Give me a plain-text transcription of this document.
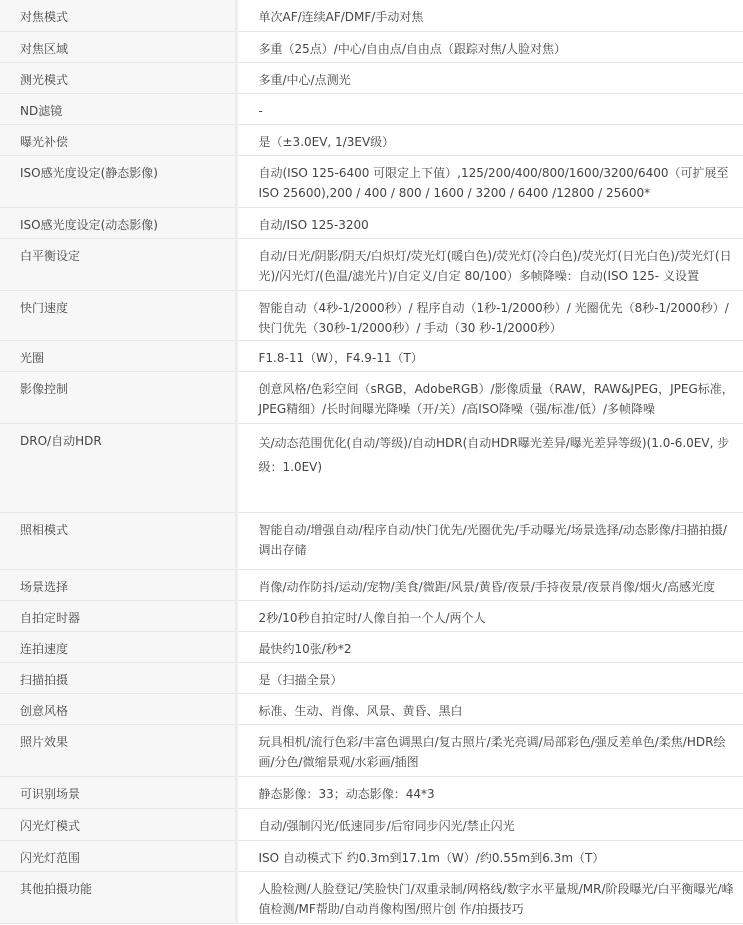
对焦模式	单次AF/连续AF/DMF/手动对焦

对焦区域	多重（25点）/中心/自由点/自由点（跟踪对焦/人脸对焦）

测光模式	多重/中心/点测光

ND滤镜	-

曝光补偿	是（±3.0EV, 1/3EV级）

ISO感光度设定(静态影像)	自动(ISO 125-6400 可限定上下值）,125/200/400/800/1600/3200/6400（可扩展至ISO 25600),200 / 400 / 800 / 1600 / 3200 / 6400 /12800 / 25600*

ISO感光度设定(动态影像)	自动/ISO 125-3200

白平衡设定	自动/日光/阴影/阴天/白炽灯/荧光灯(暖白色)/荧光灯(冷白色)/荧光灯(日光白色)/荧光灯(日光)/闪光灯/(色温/滤光片)/自定义/自定 80/100）多帧降噪：自动(ISO 125- 义设置

快门速度	智能自动（4秒-1/2000秒）/ 程序自动（1秒-1/2000秒）/ 光圈优先（8秒-1/2000秒）/ 快门优先（30秒-1/2000秒）/ 手动（30 秒-1/2000秒）

光圈	F1.8-11（W），F4.9-11（T）

影像控制	创意风格/色彩空间（sRGB，AdobeRGB）/影像质量（RAW，RAW&JPEG，JPEG标准，JPEG精细）/长时间曝光降噪（开/关）/高ISO降噪（强/标准/低）/多帧降噪

DRO/自动HDR	关/动态范围优化(自动/等级)/自动HDR(自动HDR曝光差异/曝光差异等级)(1.0-6.0EV, 步级：1.0EV)

照相模式	智能自动/增强自动/程序自动/快门优先/光圈优先/手动曝光/场景选择/动态影像/扫描拍摄/调出存储

场景选择	肖像/动作防抖/运动/宠物/美食/微距/风景/黄昏/夜景/手持夜景/夜景肖像/烟火/高感光度

自拍定时器	2秒/10秒自拍定时/人像自拍一个人/两个人

连拍速度	最快约10张/秒*2

扫描拍摄	是（扫描全景）

创意风格	标准、生动、肖像、风景、黄昏、黑白

照片效果	玩具相机/流行色彩/丰富色调黑白/复古照片/柔光亮调/局部彩色/强反差单色/柔焦/HDR绘画/分色/微缩景观/水彩画/插图

可识别场景	静态影像：33；动态影像：44*3

闪光灯模式	自动/强制闪光/低速同步/后帘同步闪光/禁止闪光

闪光灯范围	ISO 自动模式下 约0.3m到17.1m（W）/约0.55m到6.3m（T）

其他拍摄功能	人脸检测/人脸登记/笑脸快门/双重录制/网格线/数字水平量规/MR/阶段曝光/白平衡曝光/峰值检测/MF帮助/自动肖像构图/照片创 作/拍摄技巧
